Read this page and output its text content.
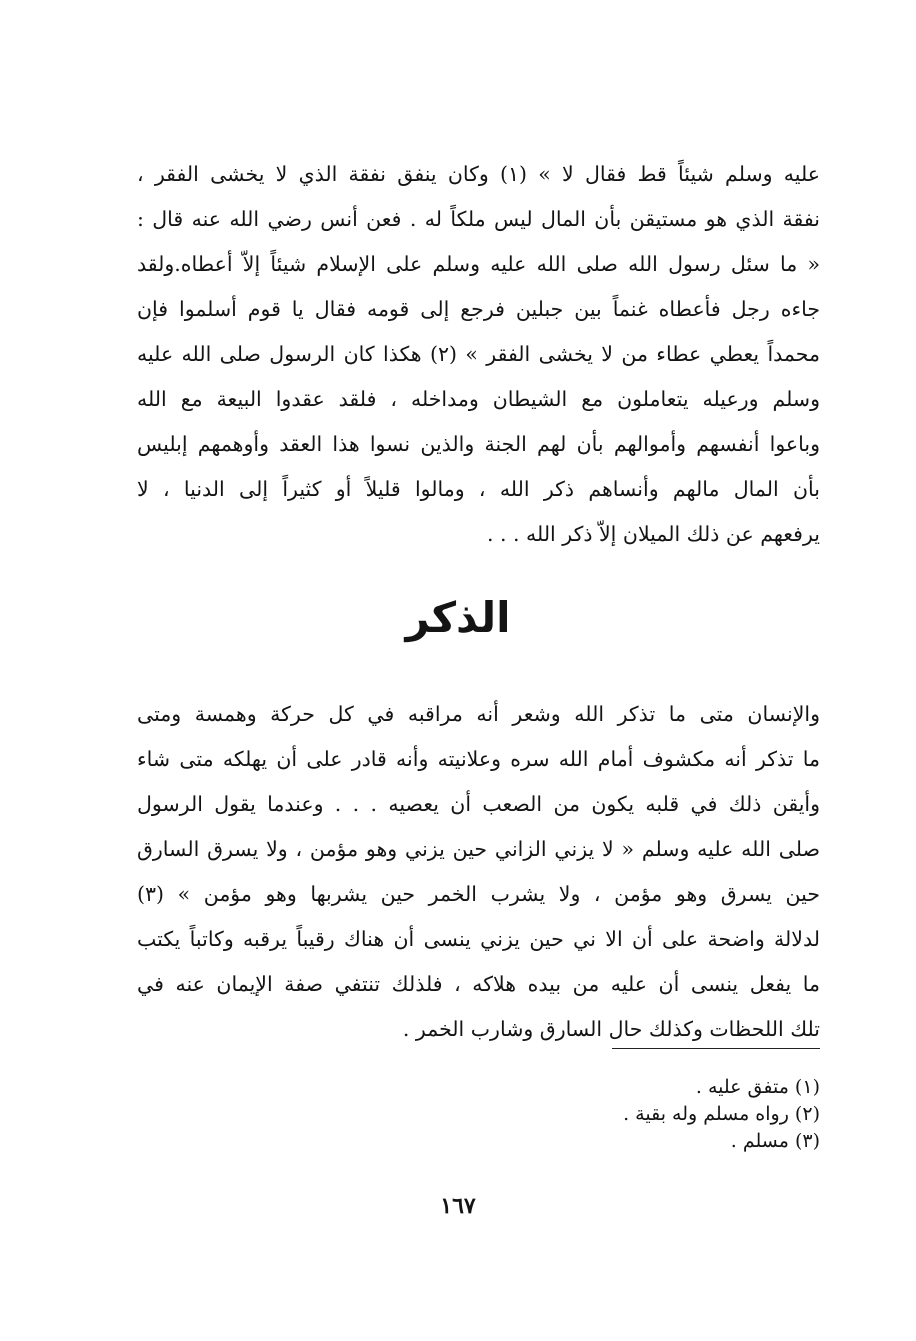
عليه وسلم شيئاً قط فقال لا » (١) وكان ينفق نفقة الذي لا يخشى الفقر ،
نفقة الذي هو مستيقن بأن المال ليس ملكاً له . فعن أنس رضي الله عنه قال :
« ما سئل رسول الله صلى الله عليه وسلم على الإسلام شيئاً إلاّ أعطاه.ولقد
جاءه رجل فأعطاه غنماً بين جبلين فرجع إلى قومه فقال يا قوم أسلموا فإن
محمداً يعطي عطاء من لا يخشى الفقر » (٢) هكذا كان الرسول صلى الله عليه
وسلم ورعيله يتعاملون مع الشيطان ومداخله ، فلقد عقدوا البيعة مع الله
وباعوا أنفسهم وأموالهم بأن لهم الجنة والذين نسوا هذا العقد وأوهمهم إبليس
بأن المال مالهم وأنساهم ذكر الله ، ومالوا قليلاً أو كثيراً إلى الدنيا ، لا
يرفعهم عن ذلك الميلان إلاّ ذكر الله . . .
الذكر
والإنسان متى ما تذكر الله وشعر أنه مراقبه في كل حركة وهمسة ومتى
ما تذكر أنه مكشوف أمام الله سره وعلانيته وأنه قادر على أن يهلكه متى شاء
وأيقن ذلك في قلبه يكون من الصعب أن يعصيه . . . وعندما يقول الرسول
صلى الله عليه وسلم « لا يزني الزاني حين يزني وهو مؤمن ، ولا يسرق السارق
حين يسرق وهو مؤمن ، ولا يشرب الخمر حين يشربها وهو مؤمن » (٣)
لدلالة واضحة على أن الا ني حين يزني ينسى أن هناك رقيباً يرقبه وكاتباً يكتب
ما يفعل ينسى أن عليه من بيده هلاكه ، فلذلك تنتفي صفة الإيمان عنه في
تلك اللحظات وكذلك حال السارق وشارب الخمر .
(١) متفق عليه .
(٢) رواه مسلم وله بقية .
(٣) مسلم .
١٦٧
